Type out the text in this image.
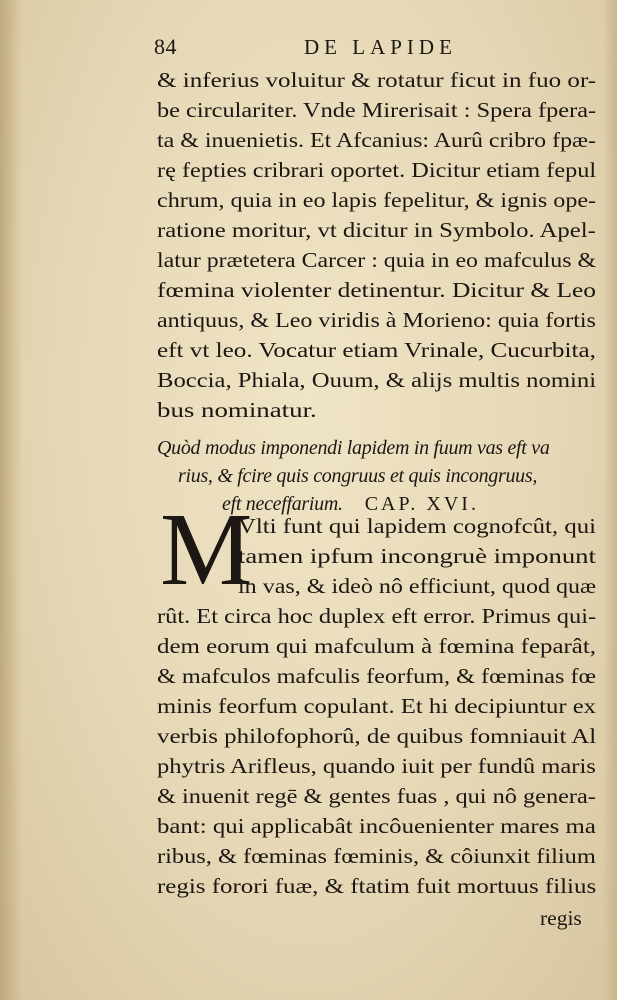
84	DE LAPIDE
& inferius voluitur & rotatur ficut in fuo or-
be circulariter. Vnde Mirerisait : Spera fpera-
ta & inuenietis. Et Afcanius: Aurû cribro fpæ-
rę fepties cribrari oportet. Dicitur etiam fepul
chrum, quia in eo lapis fepelitur, & ignis ope-
ratione moritur, vt dicitur in Symbolo. Apel-
latur prætetera Carcer : quia in eo mafculus &
fœmina violenter detinentur. Dicitur & Leo
antiquus, & Leo viridis à Morieno: quia fortis
eft vt leo. Vocatur etiam Vrinale, Cucurbita,
Boccia, Phiala, Ouum, & alijs multis nomini
bus nominatur.
Quòd modus imponendi lapidem in fuum vas eft va
rius, & fcire quis congruus et quis incongruus,
eft neceffarium. CAP. XVI.
M
Vlti funt qui lapidem cognofcût, qui
tamen ipfum incongruè imponunt
in vas, & ideò nô efficiunt, quod quæ
rût. Et circa hoc duplex eft error. Primus qui-
dem eorum qui mafculum à fœmina feparât,
& mafculos mafculis feorfum, & fœminas fœ
minis feorfum copulant. Et hi decipiuntur ex
verbis philofophorû, de quibus fomniauit Al
phytris Arifleus, quando iuit per fundû maris
& inuenit regē & gentes fuas , qui nô genera-
bant: qui applicabât incôuenienter mares ma
ribus, & fœminas fœminis, & côiunxit filium
regis forori fuæ, & ftatim fuit mortuus filius
regis
